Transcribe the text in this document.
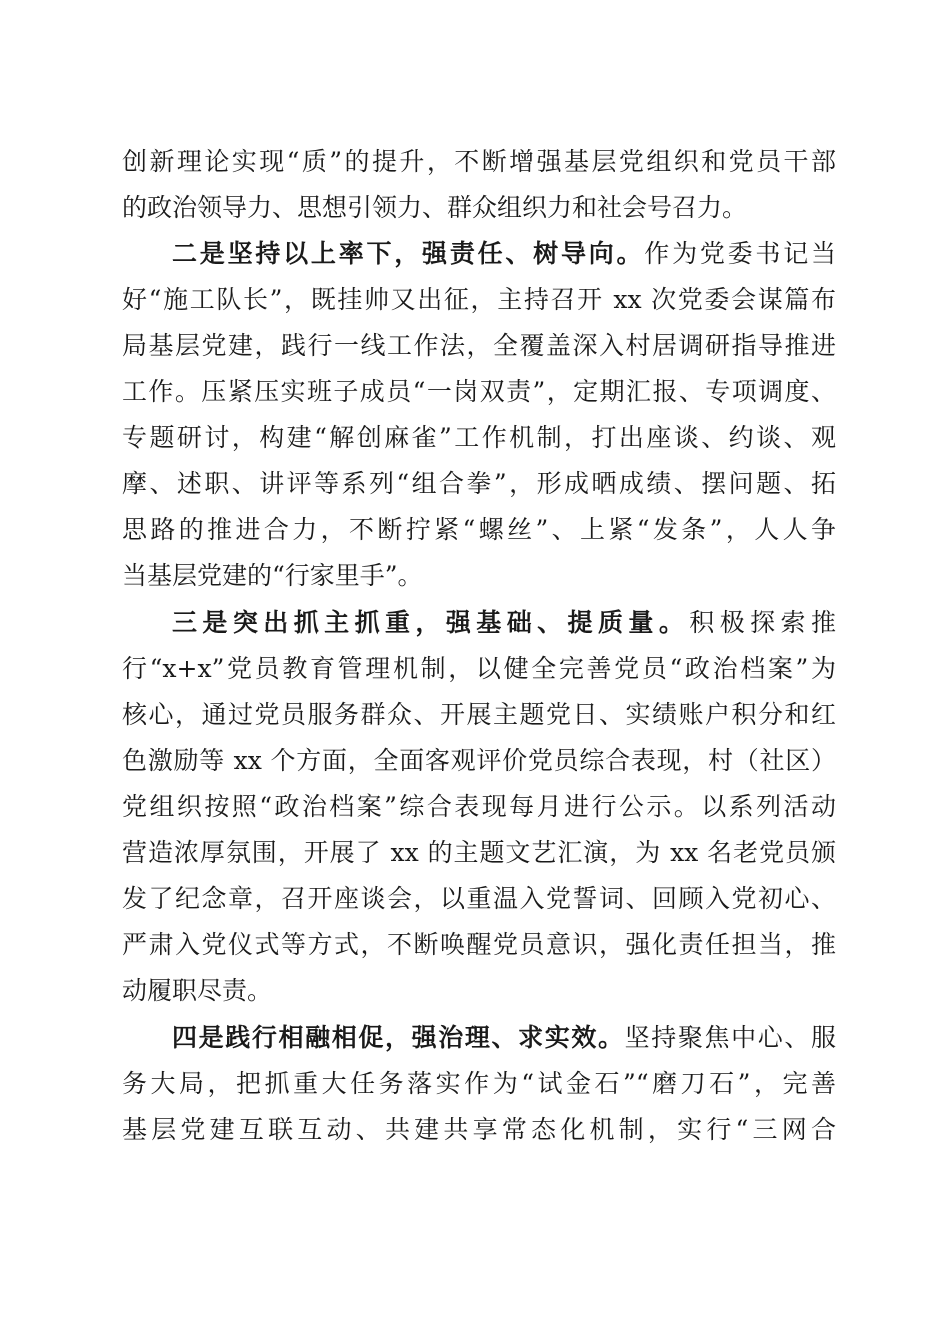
创新理论实现“质”的提升，不断增强基层党组织和党员干部
的政治领导力、思想引领力、群众组织力和社会号召力。
二是坚持以上率下，强责任、树导向。作为党委书记当
好“施工队长”，既挂帅又出征，主持召开 xx 次党委会谋篇布
局基层党建，践行一线工作法，全覆盖深入村居调研指导推进
工作。压紧压实班子成员“一岗双责”，定期汇报、专项调度、
专题研讨，构建“解创麻雀”工作机制，打出座谈、约谈、观
摩、述职、讲评等系列“组合拳”，形成晒成绩、摆问题、拓
思路的推进合力，不断拧紧“螺丝”、上紧“发条”，人人争
当基层党建的“行家里手”。
三是突出抓主抓重，强基础、提质量。积极探索推
行“x+x”党员教育管理机制，以健全完善党员“政治档案”为
核心，通过党员服务群众、开展主题党日、实绩账户积分和红
色激励等 xx 个方面，全面客观评价党员综合表现，村（社区）
党组织按照“政治档案”综合表现每月进行公示。以系列活动
营造浓厚氛围，开展了 xx 的主题文艺汇演，为 xx 名老党员颁
发了纪念章，召开座谈会，以重温入党誓词、回顾入党初心、
严肃入党仪式等方式，不断唤醒党员意识，强化责任担当，推
动履职尽责。
四是践行相融相促，强治理、求实效。坚持聚焦中心、服
务大局，把抓重大任务落实作为“试金石”“磨刀石”，完善
基层党建互联互动、共建共享常态化机制，实行“三网合
